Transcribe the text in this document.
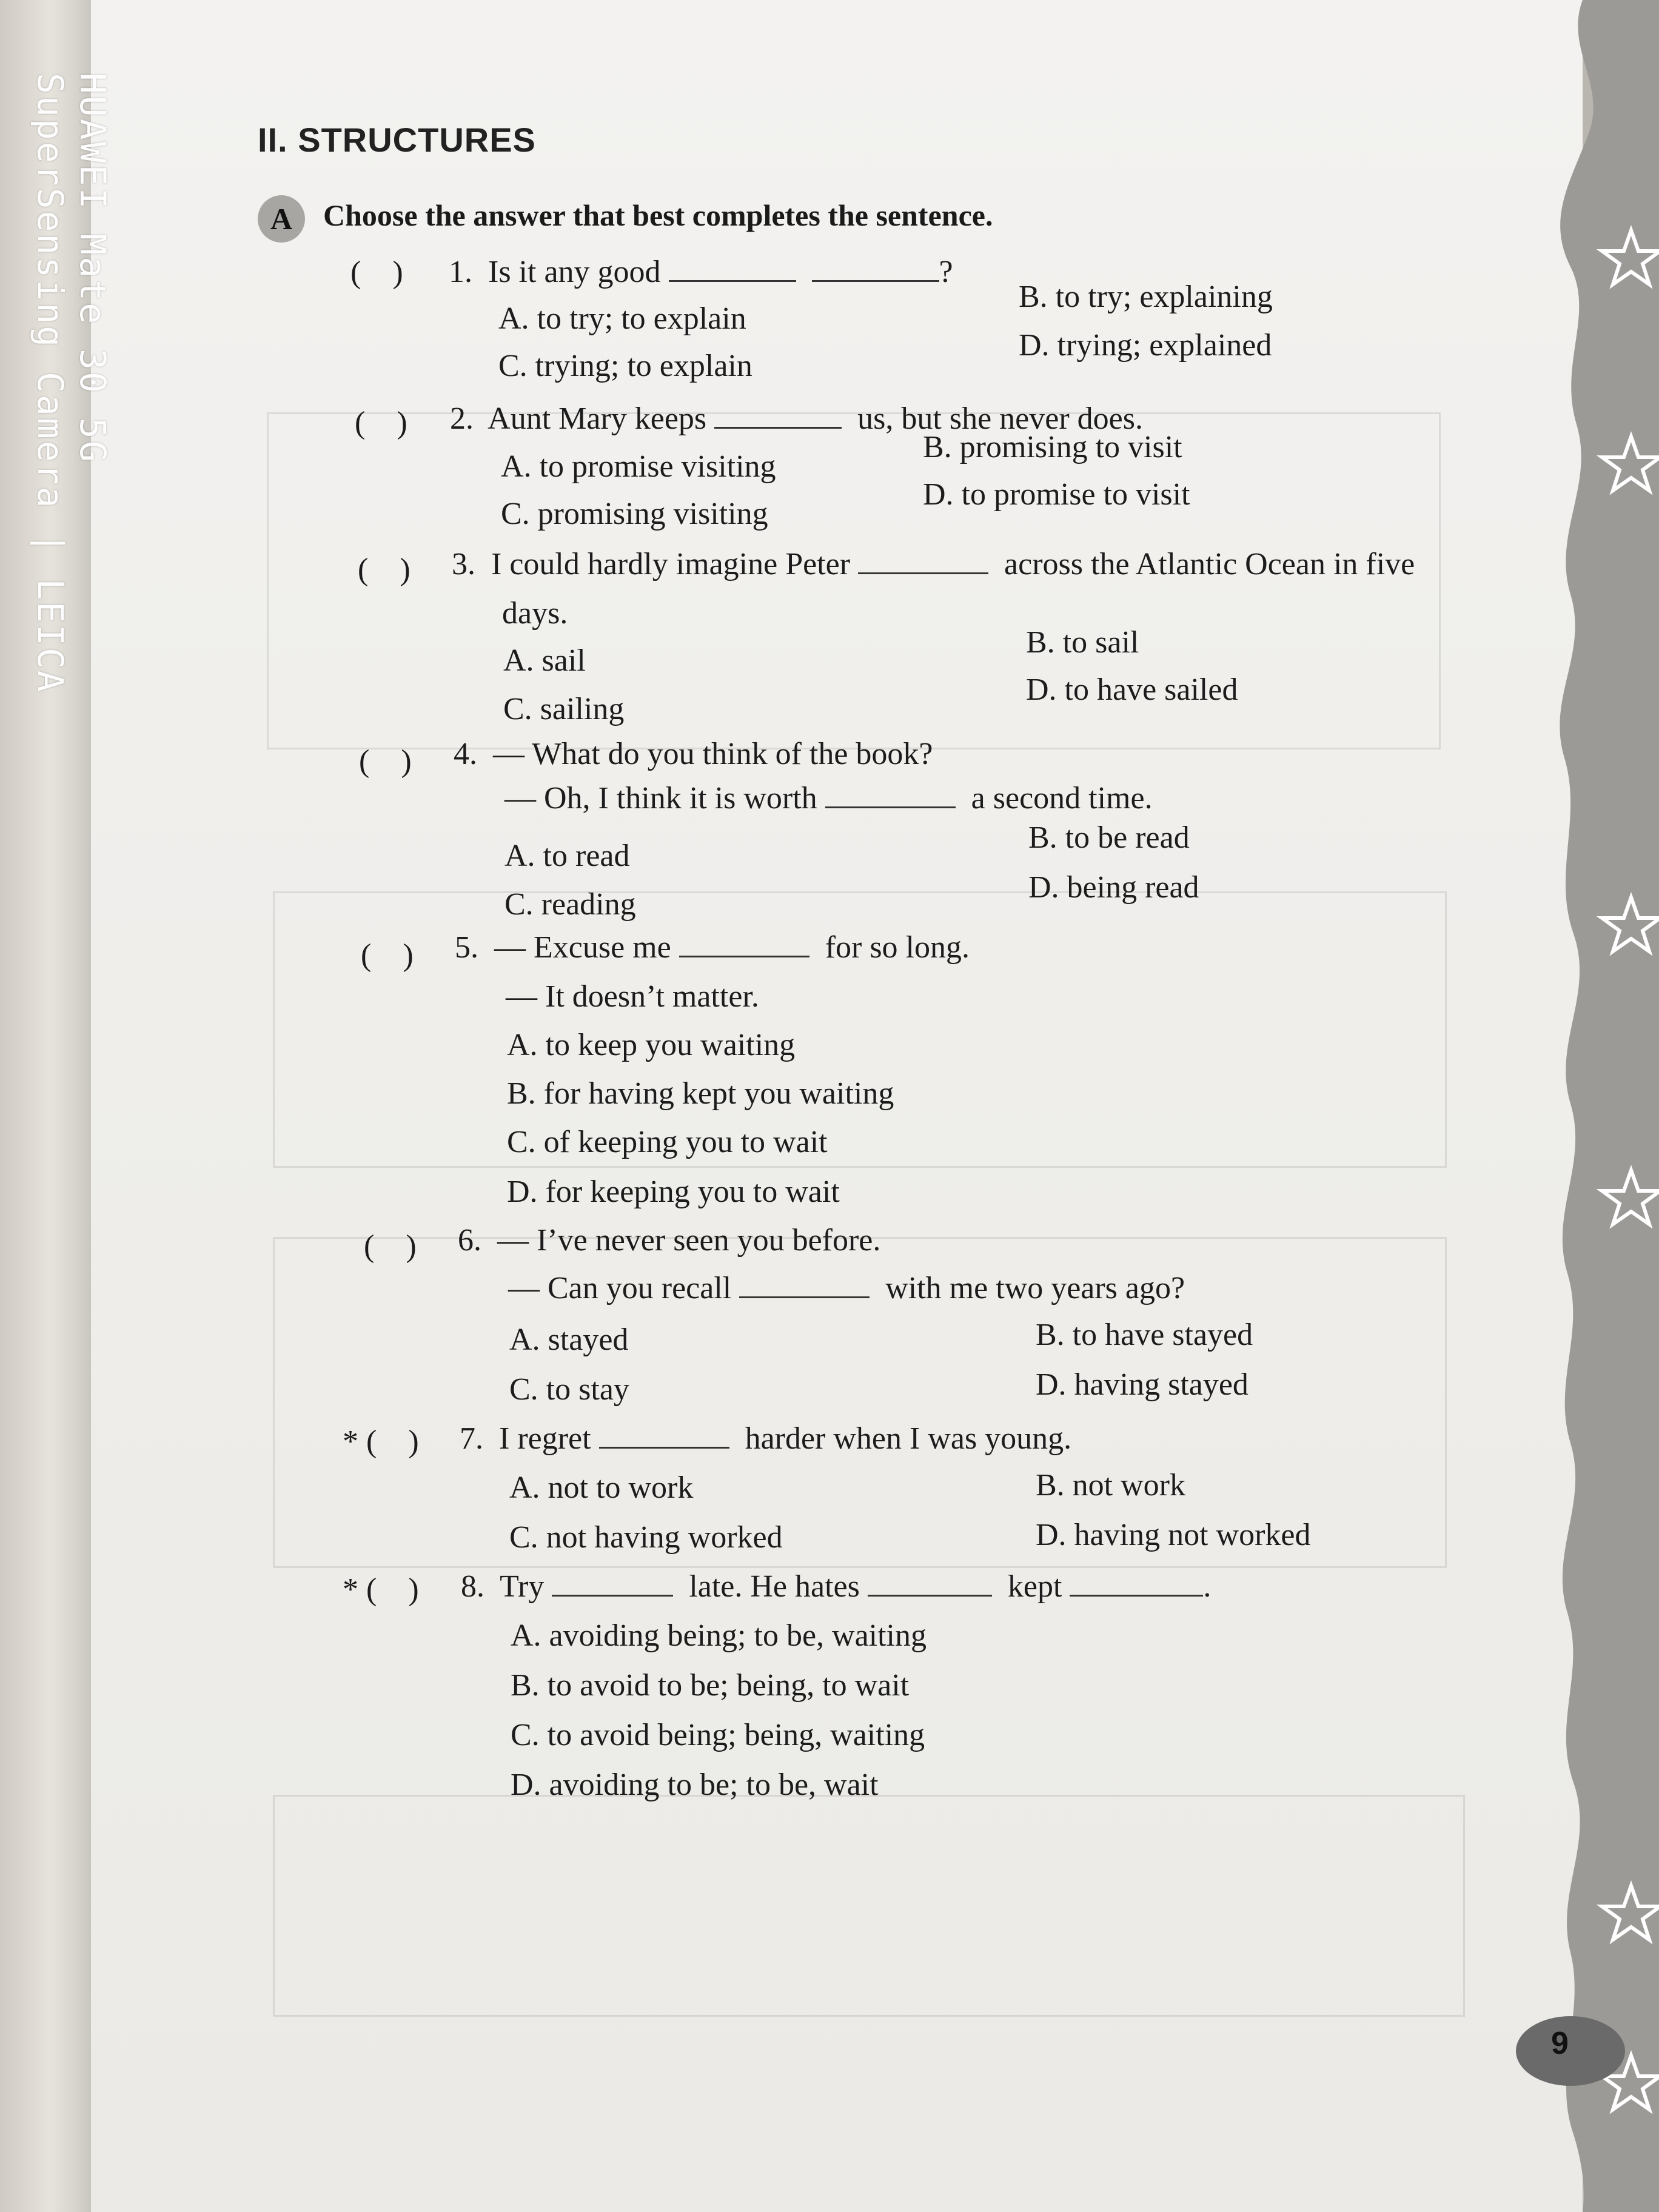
HUAWEI Mate 30 5G
SuperSensing Camera | LEICA	II. STRUCTURES
A	Choose the answer that best completes the sentence.
( ) 1. Is it any good	?
A. to try; to explain
B. to try; explaining
C. trying; to explain
D. trying; explained
( ) 2. Aunt Mary keeps	us, but she never does.
A. to promise visiting
B. promising to visit
C. promising visiting
D. to promise to visit
( ) 3. I could hardly imagine Peter	across the Atlantic Ocean in five
days.
A. sail
B. to sail
C. sailing
D. to have sailed
( ) 4. — What do you think of the book?
— Oh, I think it is worth	a second time.
A. to read
B. to be read
C. reading	D. being read
( ) 5. — Excuse me	for so long.
— It doesn’t matter.
A. to keep you waiting
B. for having kept you waiting
C. of keeping you to wait
D. for keeping you to wait
( ) 6. — I’ve never seen you before.
— Can you recall	with me two years ago?
A. stayed	B. to have stayed
C. to stay	D. having stayed
* ( ) 7. I regret	harder when I was young.
A. not to work	B. not work
C. not having worked	D. having not worked
* ( ) 8. Try	late. He hates	kept	.
A. avoiding being; to be, waiting
B. to avoid to be; being, to wait
C. to avoid being; being, waiting
D. avoiding to be; to be, wait
9
